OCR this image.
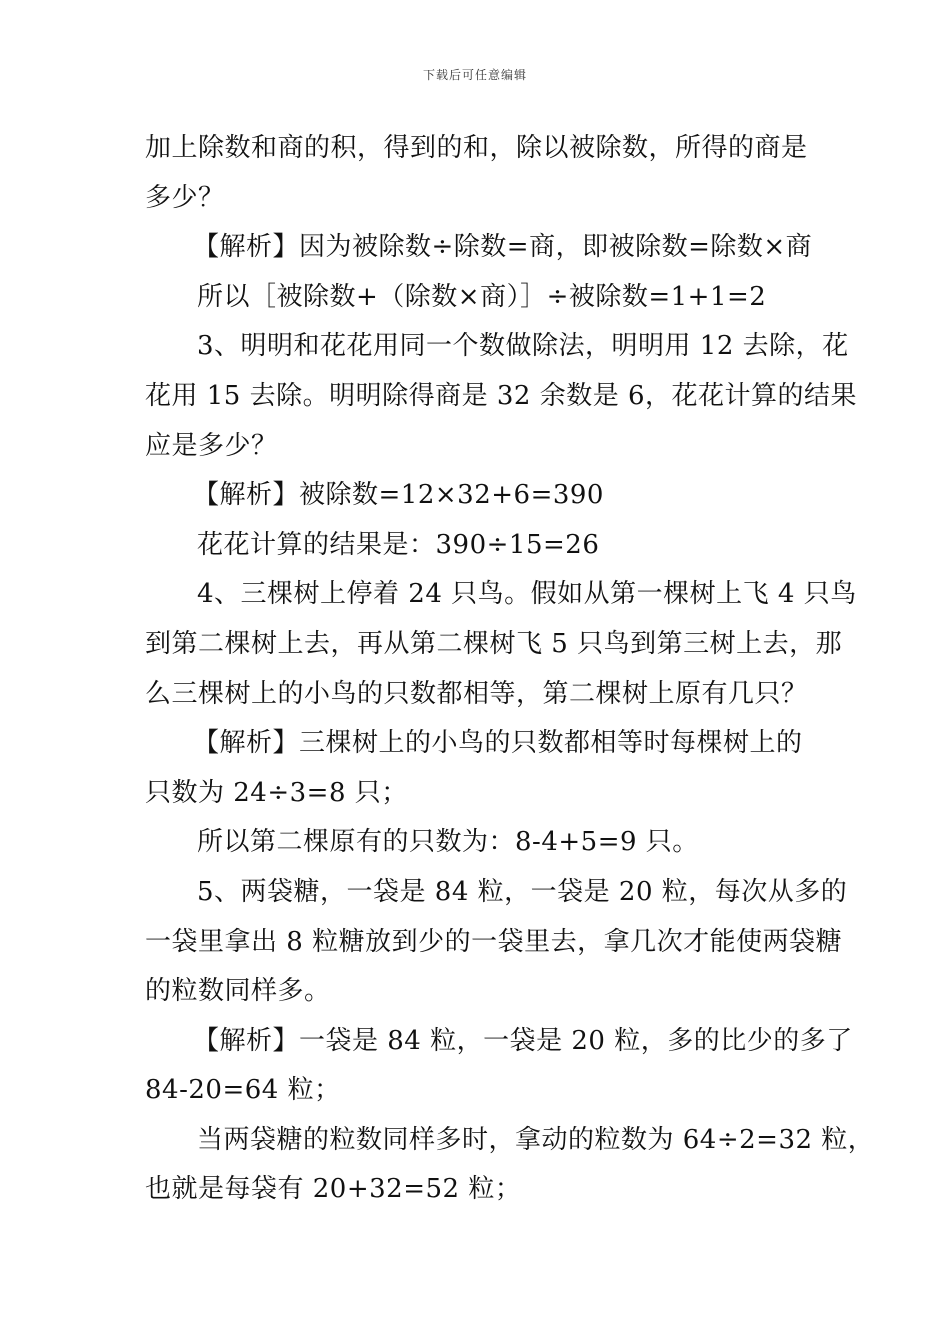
下载后可任意编辑
加上除数和商的积，得到的和，除以被除数，所得的商是
多少？
【解析】因为被除数÷除数=商，即被除数=除数×商
所以［被除数+（除数×商）］÷被除数=1+1=2
3、明明和花花用同一个数做除法，明明用 12 去除，花
花用 15 去除。明明除得商是 32 余数是 6，花花计算的结果
应是多少？
【解析】被除数=12×32+6=390
花花计算的结果是：390÷15=26
4、三棵树上停着 24 只鸟。假如从第一棵树上飞 4 只鸟
到第二棵树上去，再从第二棵树飞 5 只鸟到第三树上去，那
么三棵树上的小鸟的只数都相等，第二棵树上原有几只？
【解析】三棵树上的小鸟的只数都相等时每棵树上的
只数为 24÷3=8 只；
所以第二棵原有的只数为：8-4+5=9 只。
5、两袋糖，一袋是 84 粒，一袋是 20 粒，每次从多的
一袋里拿出 8 粒糖放到少的一袋里去，拿几次才能使两袋糖
的粒数同样多。
【解析】一袋是 84 粒，一袋是 20 粒，多的比少的多了
84-20=64 粒；
当两袋糖的粒数同样多时，拿动的粒数为 64÷2=32 粒，
也就是每袋有 20+32=52 粒；
